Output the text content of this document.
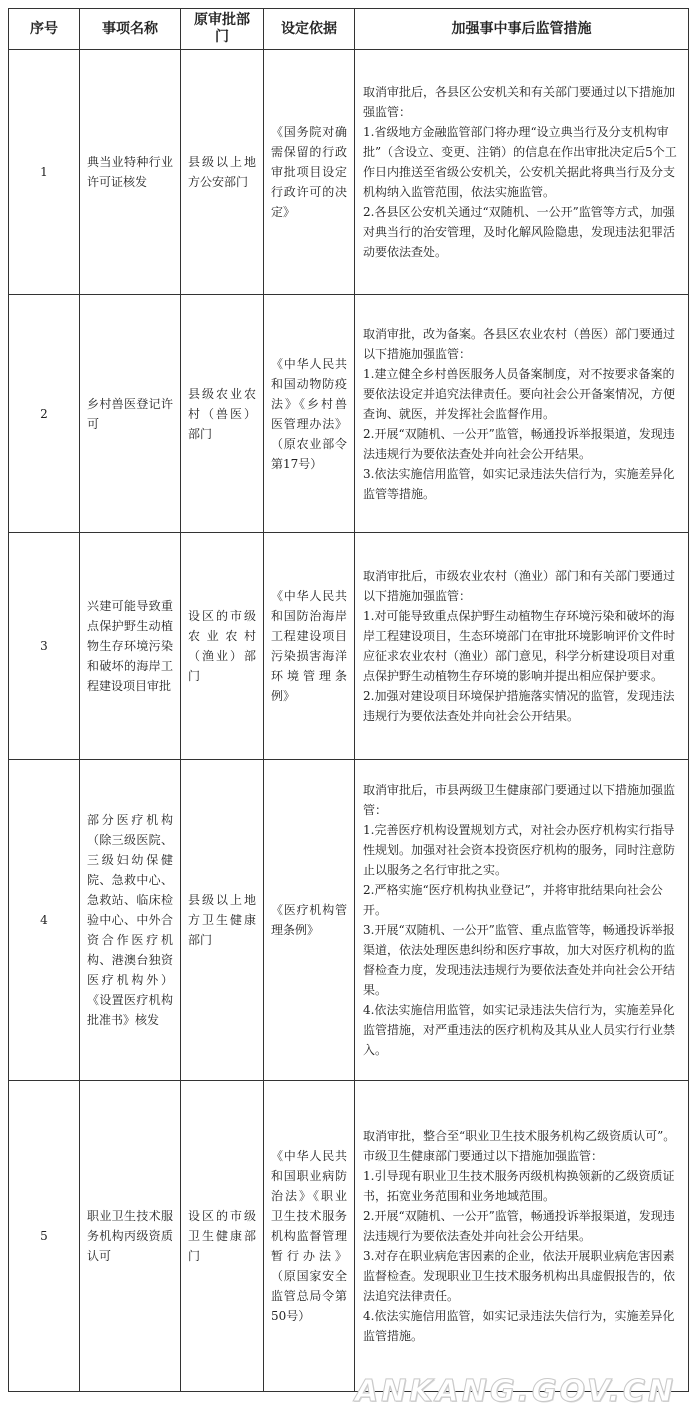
序号	事项名称	原审批部门	设定依据	加强事中事后监管措施
1	典当业特种行业许可证核发	县级以上地方公安部门	《国务院对确需保留的行政审批项目设定行政许可的决定》	取消审批后，各县区公安机关和有关部门要通过以下措施加强监管：
1.省级地方金融监管部门将办理“设立典当行及分支机构审批”（含设立、变更、注销）的信息在作出审批决定后5个工作日内推送至省级公安机关，公安机关据此将典当行及分支机构纳入监管范围，依法实施监管。
2.各县区公安机关通过“双随机、一公开”监管等方式，加强对典当行的治安管理，及时化解风险隐患，发现违法犯罪活动要依法查处。

2	乡村兽医登记许可	县级农业农村（兽医）部门	《中华人民共和国动物防疫法》《乡村兽医管理办法》（原农业部令第17号）	取消审批，改为备案。各县区农业农村（兽医）部门要通过以下措施加强监管：
1.建立健全乡村兽医服务人员备案制度，对不按要求备案的要依法设定并追究法律责任。要向社会公开备案情况，方便查询、就医，并发挥社会监督作用。
2.开展“双随机、一公开”监管，畅通投诉举报渠道，发现违法违规行为要依法查处并向社会公开结果。
3.依法实施信用监管，如实记录违法失信行为，实施差异化监管等措施。

3	兴建可能导致重点保护野生动植物生存环境污染和破坏的海岸工程建设项目审批	设区的市级农业农村（渔业）部门	《中华人民共和国防治海岸工程建设项目污染损害海洋环境管理条例》	取消审批后，市级农业农村（渔业）部门和有关部门要通过以下措施加强监管：
1.对可能导致重点保护野生动植物生存环境污染和破坏的海岸工程建设项目，生态环境部门在审批环境影响评价文件时应征求农业农村（渔业）部门意见，科学分析建设项目对重点保护野生动植物生存环境的影响并提出相应保护要求。
2.加强对建设项目环境保护措施落实情况的监管，发现违法违规行为要依法查处并向社会公开结果。

4	部分医疗机构（除三级医院、三级妇幼保健院、急救中心、急救站、临床检验中心、中外合资合作医疗机构、港澳台独资医疗机构外）《设置医疗机构批准书》核发	县级以上地方卫生健康部门	《医疗机构管理条例》	取消审批后，市县两级卫生健康部门要通过以下措施加强监管：
1.完善医疗机构设置规划方式，对社会办医疗机构实行指导性规划。加强对社会资本投资医疗机构的服务，同时注意防止以服务之名行审批之实。
2.严格实施“医疗机构执业登记”，并将审批结果向社会公开。
3.开展“双随机、一公开”监管、重点监管等，畅通投诉举报渠道，依法处理医患纠纷和医疗事故，加大对医疗机构的监督检查力度，发现违法违规行为要依法查处并向社会公开结果。
4.依法实施信用监管，如实记录违法失信行为，实施差异化监管措施，对严重违法的医疗机构及其从业人员实行行业禁入。

5	职业卫生技术服务机构丙级资质认可	设区的市级卫生健康部门	《中华人民共和国职业病防治法》《职业卫生技术服务机构监督管理暂行办法》（原国家安全监管总局令第50号）	取消审批，整合至“职业卫生技术服务机构乙级资质认可”。市级卫生健康部门要通过以下措施加强监管：
1.引导现有职业卫生技术服务丙级机构换领新的乙级资质证书，拓宽业务范围和业务地域范围。
2.开展“双随机、一公开”监管，畅通投诉举报渠道，发现违法违规行为要依法查处并向社会公开结果。
3.对存在职业病危害因素的企业，依法开展职业病危害因素监督检查。发现职业卫生技术服务机构出具虚假报告的，依法追究法律责任。
4.依法实施信用监管，如实记录违法失信行为，实施差异化监管措施。
ANKANG.GOV.CN
